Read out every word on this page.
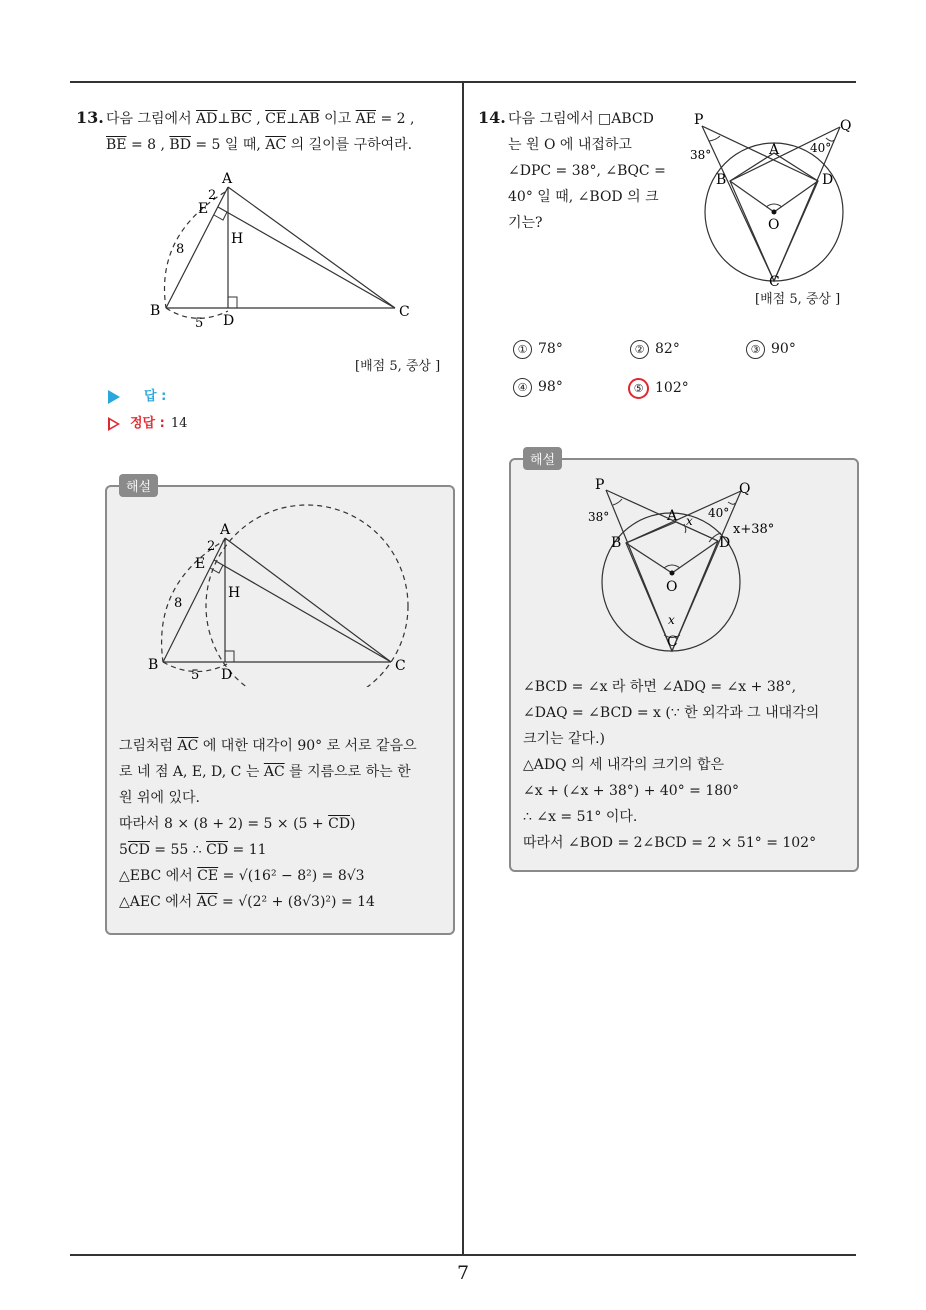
13. 다음 그림에서 $\overline{AD}\perp\overline{BC}$ , $\overline{CE}\perp\overline{AB}$ 이고 $\overline{AE} = 2$ ,
$\overline{BE} = 8$ , $\overline{BD} = 5$ 일 때, $\overline{AC}$ 의 길이를 구하여라.
A
2
E
H
8
B
5 D
C
[배점 5, 중상 ]
답 :
정답 : 14
A
2
E
H
8
B
5 D
C
그림처럼 $\overline{AC}$ 에 대한 대각이 90° 로 서로 같음으
로 네 점 A, E, D, C 는 $\overline{AC}$ 를 지름으로 하는 한
원 위에 있다.
따라서 $8 \times (8 + 2) = 5 \times (5 + \overline{CD})$
$5\overline{CD} = 55$ ∴ $\overline{CD} = 11$
△EBC 에서 $\overline{CE} = √(16^2 - 8^2) = 8√3$
△AEC 에서 $\overline{AC} = √(2^2 + (8√3)^2) = 14$
해설
14. 다음 그림에서 □ABCD
는 원 O 에 내접하고
∠DPC = 38°, ∠BQC =
40° 일 때, ∠BOD 의 크
기는?
P	Q
A
B	D
O
C
38°	40°
[배점 5, 중상 ]
① 78°	② 82°	③ 90°
④ 98°	⑤ 102°
P	Q
A
B	D
O
C
38°	40°
x
x
x+38°
∠BCD = ∠x 라 하면 ∠ADQ = ∠x + 38°,
∠DAQ = ∠BCD = x (∵ 한 외각과 그 내대각의
크기는 같다.)
△ADQ 의 세 내각의 크기의 합은
∠x + (∠x + 38°) + 40° = 180°
∴ ∠x = 51° 이다.
따라서 ∠BOD = 2∠BCD = 2 × 51° = 102°
해설
7
